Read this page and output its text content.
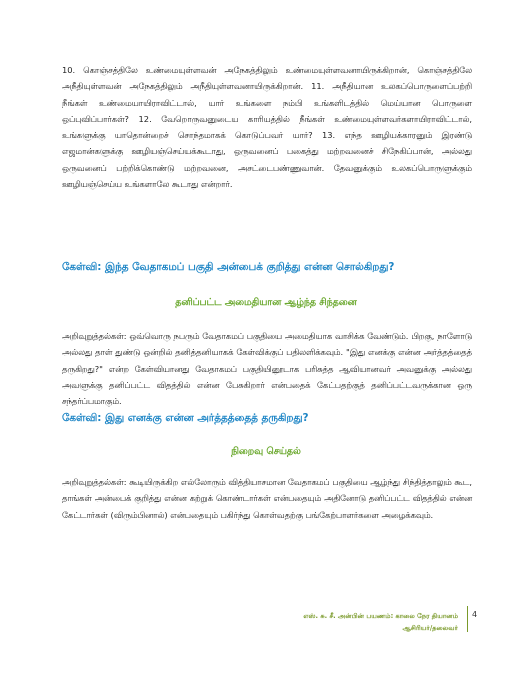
10. கொஞ்சத்திலே உண்மையுள்ளவன் அநேகத்திலும் உண்மையுள்ளவனாயிருக்கிறான், கொஞ்சத்திலே அநீதியுள்ளவன் அநேகத்திலும் அநீதியுள்ளவனாயிருக்கிறான். 11. அநீதியான உலகப்பொருளைப்பற்றி நீங்கள் உண்மையாயிராவிட்டால், யார் உங்களை நம்பி உங்களிடத்தில் மெய்யான பொருளை ஒப்புவிப்பார்கள்? 12. வேறொருவனுடைய காரியத்தில் நீங்கள் உண்மையுள்ளவர்களாயிராவிட்டால், உங்களுக்கு யாதொன்றைச் சொந்தமாகக் கொடுப்பவர் யார்? 13. எந்த ஊழியக்காரனும் இரண்டு எஜமான்களுக்கு ஊழியஞ்செய்யக்கூடாது, ஒருவனைப் பகைத்து மற்றவனைச் சிநேகிப்பான், அல்லது ஒருவனைப் பற்றிக்கொண்டு மற்றவனை, அசட்டைபண்ணுவான். தேவனுக்கும் உலகப்பொருளுக்கும் ஊழியஞ்செய்ய உங்களாலே கூடாது என்றார்.

கேள்வி: இந்த வேதாகமப் பகுதி அன்பைக் குறித்து என்ன சொல்கிறது?

தனிப்பட்ட அமைதியான ஆழ்ந்த சிந்தனை

அறிவுறுத்தல்கள்: ஒவ்வொரு நபரும் வேதாகமப் பகுதியை அமைதியாக வாசிக்க வேண்டும். பிறகு, நாளோடு அல்லது தாள் துண்டு ஒன்றில் தனித்தனியாகக் கேள்விக்குப் பதிலளிக்கவும். "இது எனக்கு என்ன அர்த்தத்தைத் தருகிறது?" என்ற கேள்வியானது வேதாகமப் பகுதியினூடாக பரிசுத்த ஆவியானவர் அவனுக்கு அல்லது அவளுக்கு தனிப்பட்ட விதத்தில் என்ன பேசுகிறார் என்பதைக் கேட்பதற்குத் தனிப்பட்டவருக்கான ஒரு சந்தர்ப்பமாகும்.

கேள்வி: இது எனக்கு என்ன அர்த்தத்தைத் தருகிறது?

நிறைவு செய்தல்

அறிவுறுத்தல்கள்: கூடியிருக்கிற எல்லோரும் வித்தியாசமான வேதாகமப் பகுதியை ஆழ்ந்து சிந்தித்தாலும் கூட, தாங்கள் அன்பைக் குறித்து என்ன கற்றுக் கொண்டார்கள் என்பதையும் அதினோடு தனிப்பட்ட விதத்தில் என்ன கேட்டார்கள் (விரும்பினால்) என்பதையும் பகிர்ந்து கொள்வதற்கு பங்கேற்பாளர்களை அழைக்கவும்.

எஸ். சு. சீ. அன்பின் பயணம்: காலை நேர தியானம்
ஆசிரியர்/தலைவர்
4
